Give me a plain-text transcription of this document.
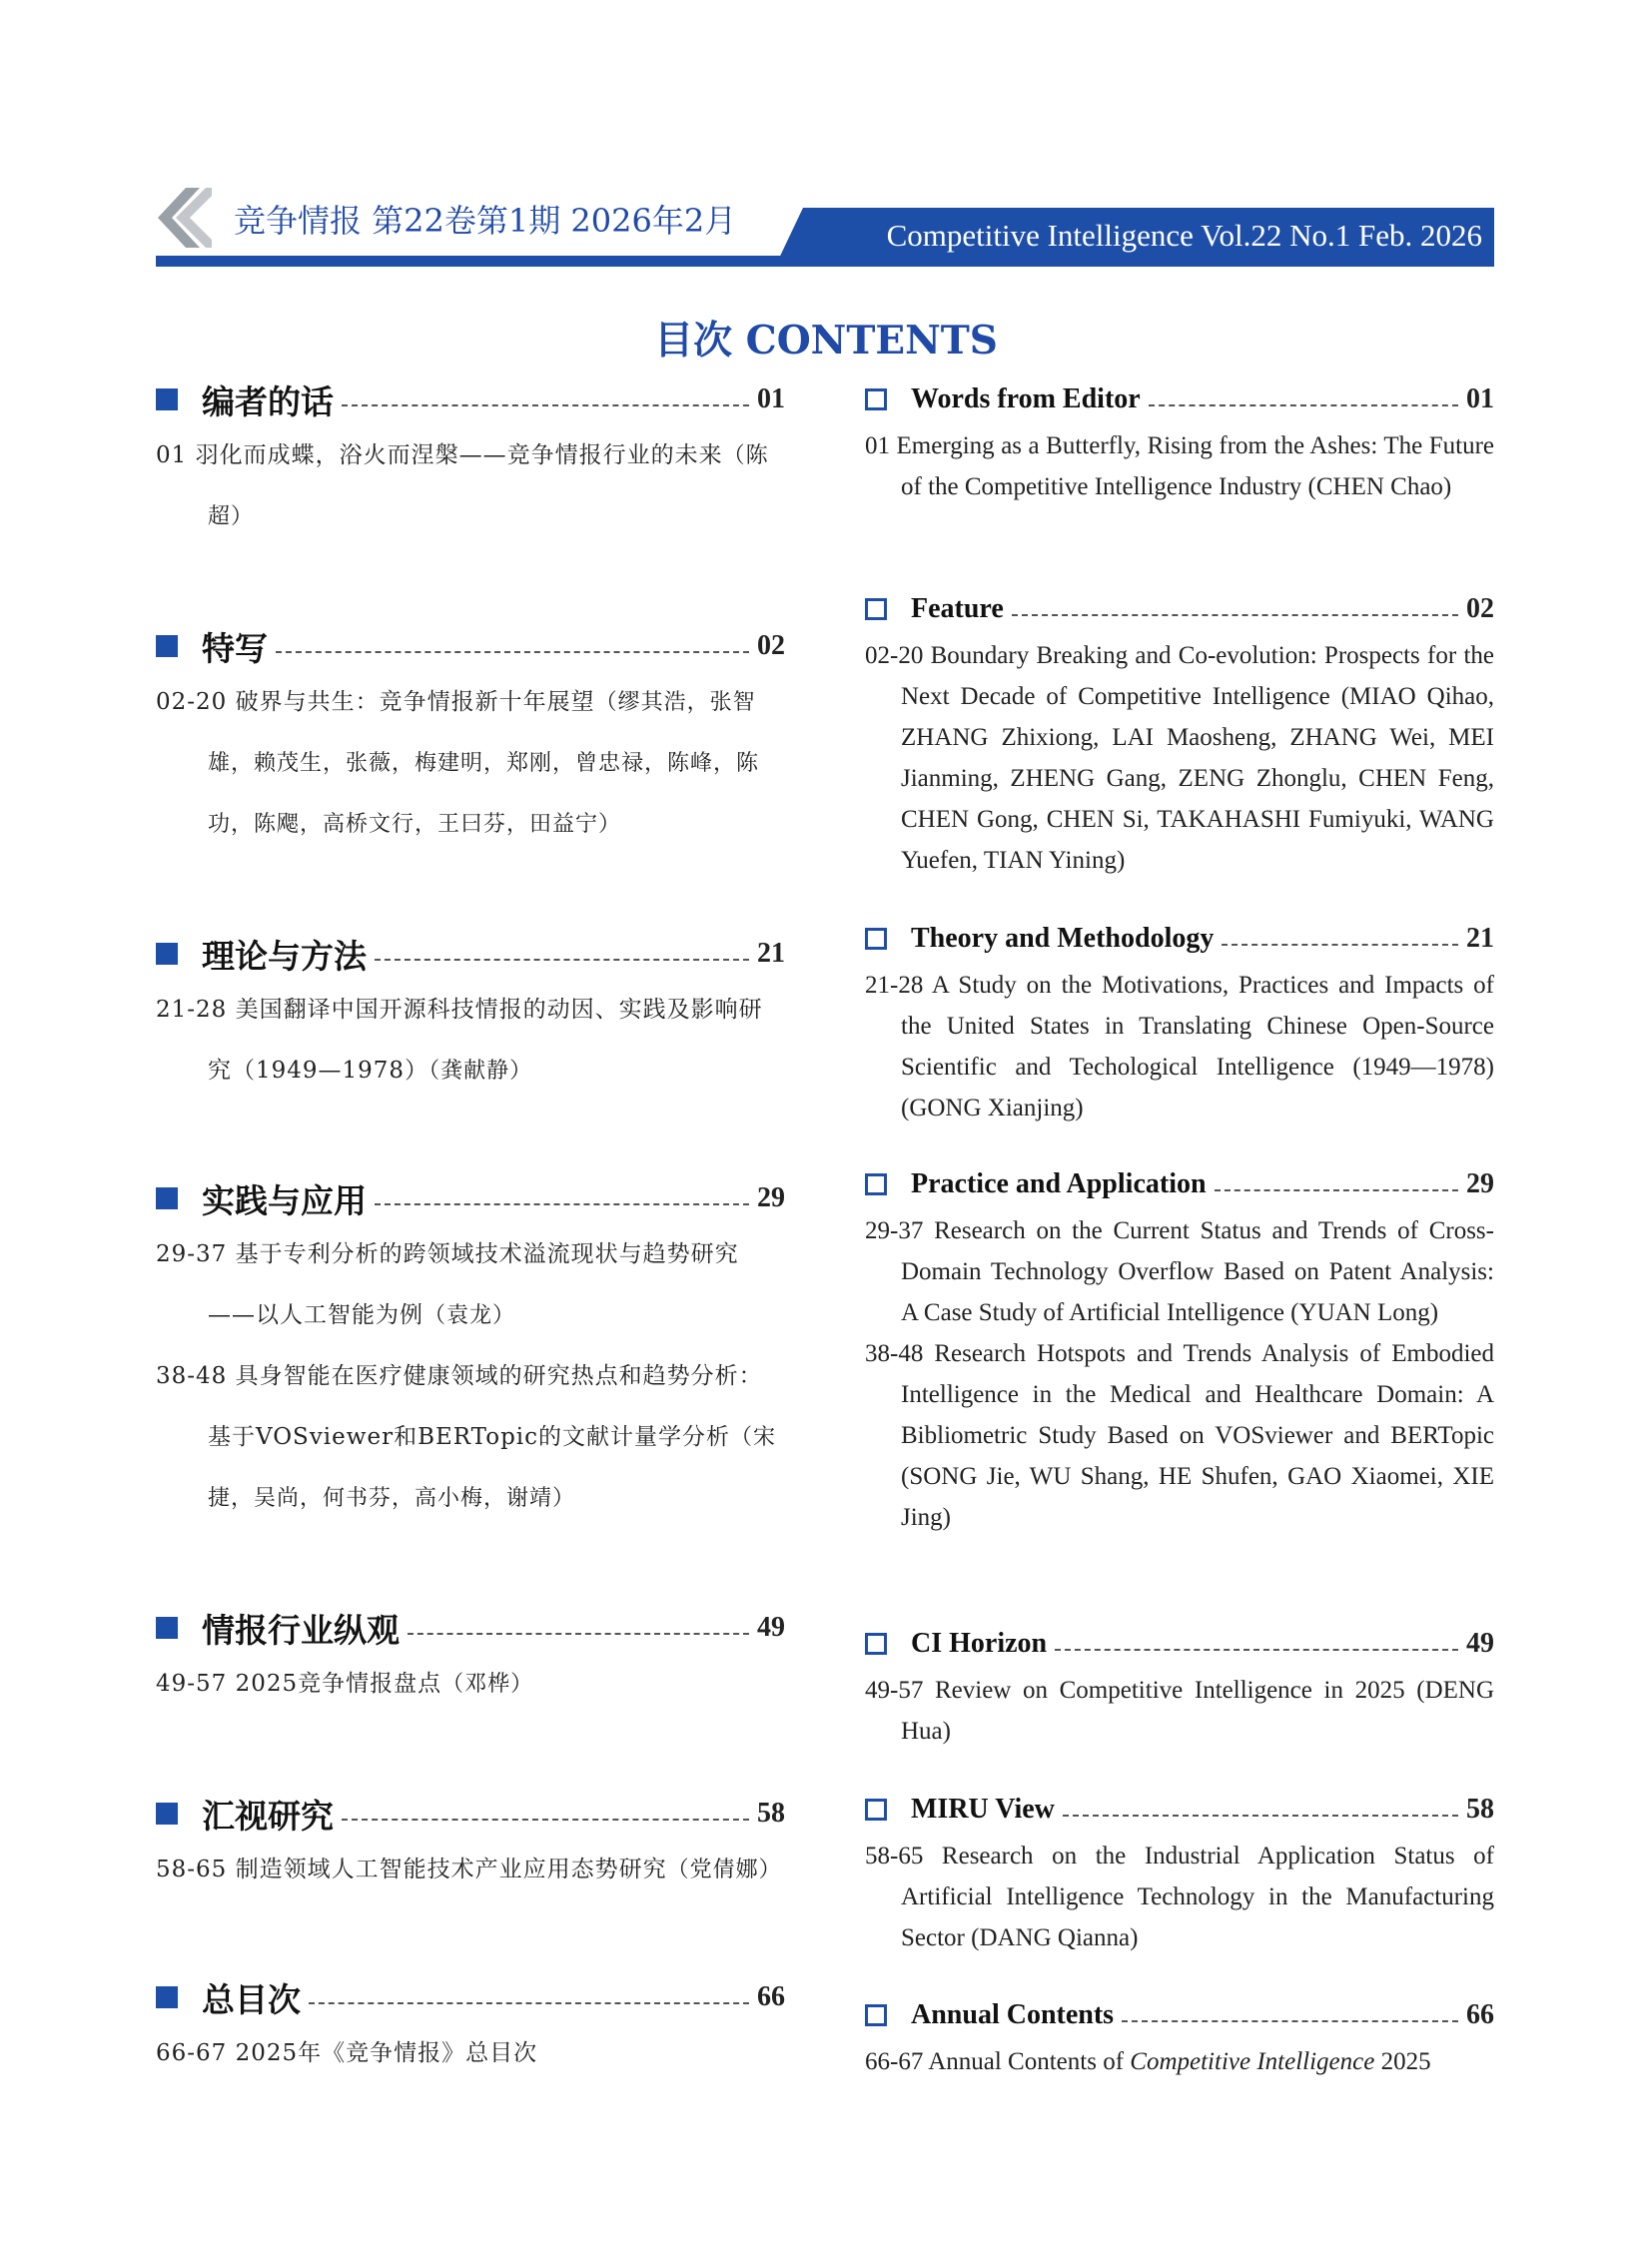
竞争情报 第22卷第1期 2026年2月	Competitive Intelligence Vol.22 No.1 Feb. 2026
目次 CONTENTS
编者的话	01
01 羽化而成蝶，浴火而涅槃——竞争情报行业的未来（陈超）
特写	02
02-20 破界与共生：竞争情报新十年展望（缪其浩，张智雄，赖茂生，张薇，梅建明，郑刚，曾忠禄，陈峰，陈功，陈飔，高桥文行，王曰芬，田益宁）
理论与方法	21
21-28 美国翻译中国开源科技情报的动因、实践及影响研究（1949—1978）（龚献静）
实践与应用	29
29-37 基于专利分析的跨领域技术溢流现状与趋势研究——以人工智能为例（袁龙）
38-48 具身智能在医疗健康领域的研究热点和趋势分析：基于VOSviewer和BERTopic的文献计量学分析（宋捷，吴尚，何书芬，高小梅，谢靖）
情报行业纵观	49
49-57 2025竞争情报盘点（邓桦）
汇视研究	58
58-65 制造领域人工智能技术产业应用态势研究（党倩娜）
总目次	66
66-67 2025年《竞争情报》总目次
Words from Editor	01
01 Emerging as a Butterfly, Rising from the Ashes: The Future of the Competitive Intelligence Industry (CHEN Chao)
Feature	02
02-20 Boundary Breaking and Co-evolution: Prospects for the Next Decade of Competitive Intelligence (MIAO Qihao, ZHANG Zhixiong, LAI Maosheng, ZHANG Wei, MEI Jianming, ZHENG Gang, ZENG Zhonglu, CHEN Feng, CHEN Gong, CHEN Si, TAKAHASHI Fumiyuki, WANG Yuefen, TIAN Yining)
Theory and Methodology	21
21-28 A Study on the Motivations, Practices and Impacts of the United States in Translating Chinese Open-Source Scientific and Techological Intelligence (1949—1978) (GONG Xianjing)
Practice and Application	29
29-37 Research on the Current Status and Trends of Cross-Domain Technology Overflow Based on Patent Analysis: A Case Study of Artificial Intelligence (YUAN Long)
38-48 Research Hotspots and Trends Analysis of Embodied Intelligence in the Medical and Healthcare Domain: A Bibliometric Study Based on VOSviewer and BERTopic (SONG Jie, WU Shang, HE Shufen, GAO Xiaomei, XIE Jing)
CI Horizon	49
49-57 Review on Competitive Intelligence in 2025 (DENG Hua)
MIRU View	58
58-65 Research on the Industrial Application Status of Artificial Intelligence Technology in the Manufacturing Sector (DANG Qianna)
Annual Contents	66
66-67 Annual Contents of Competitive Intelligence 2025
